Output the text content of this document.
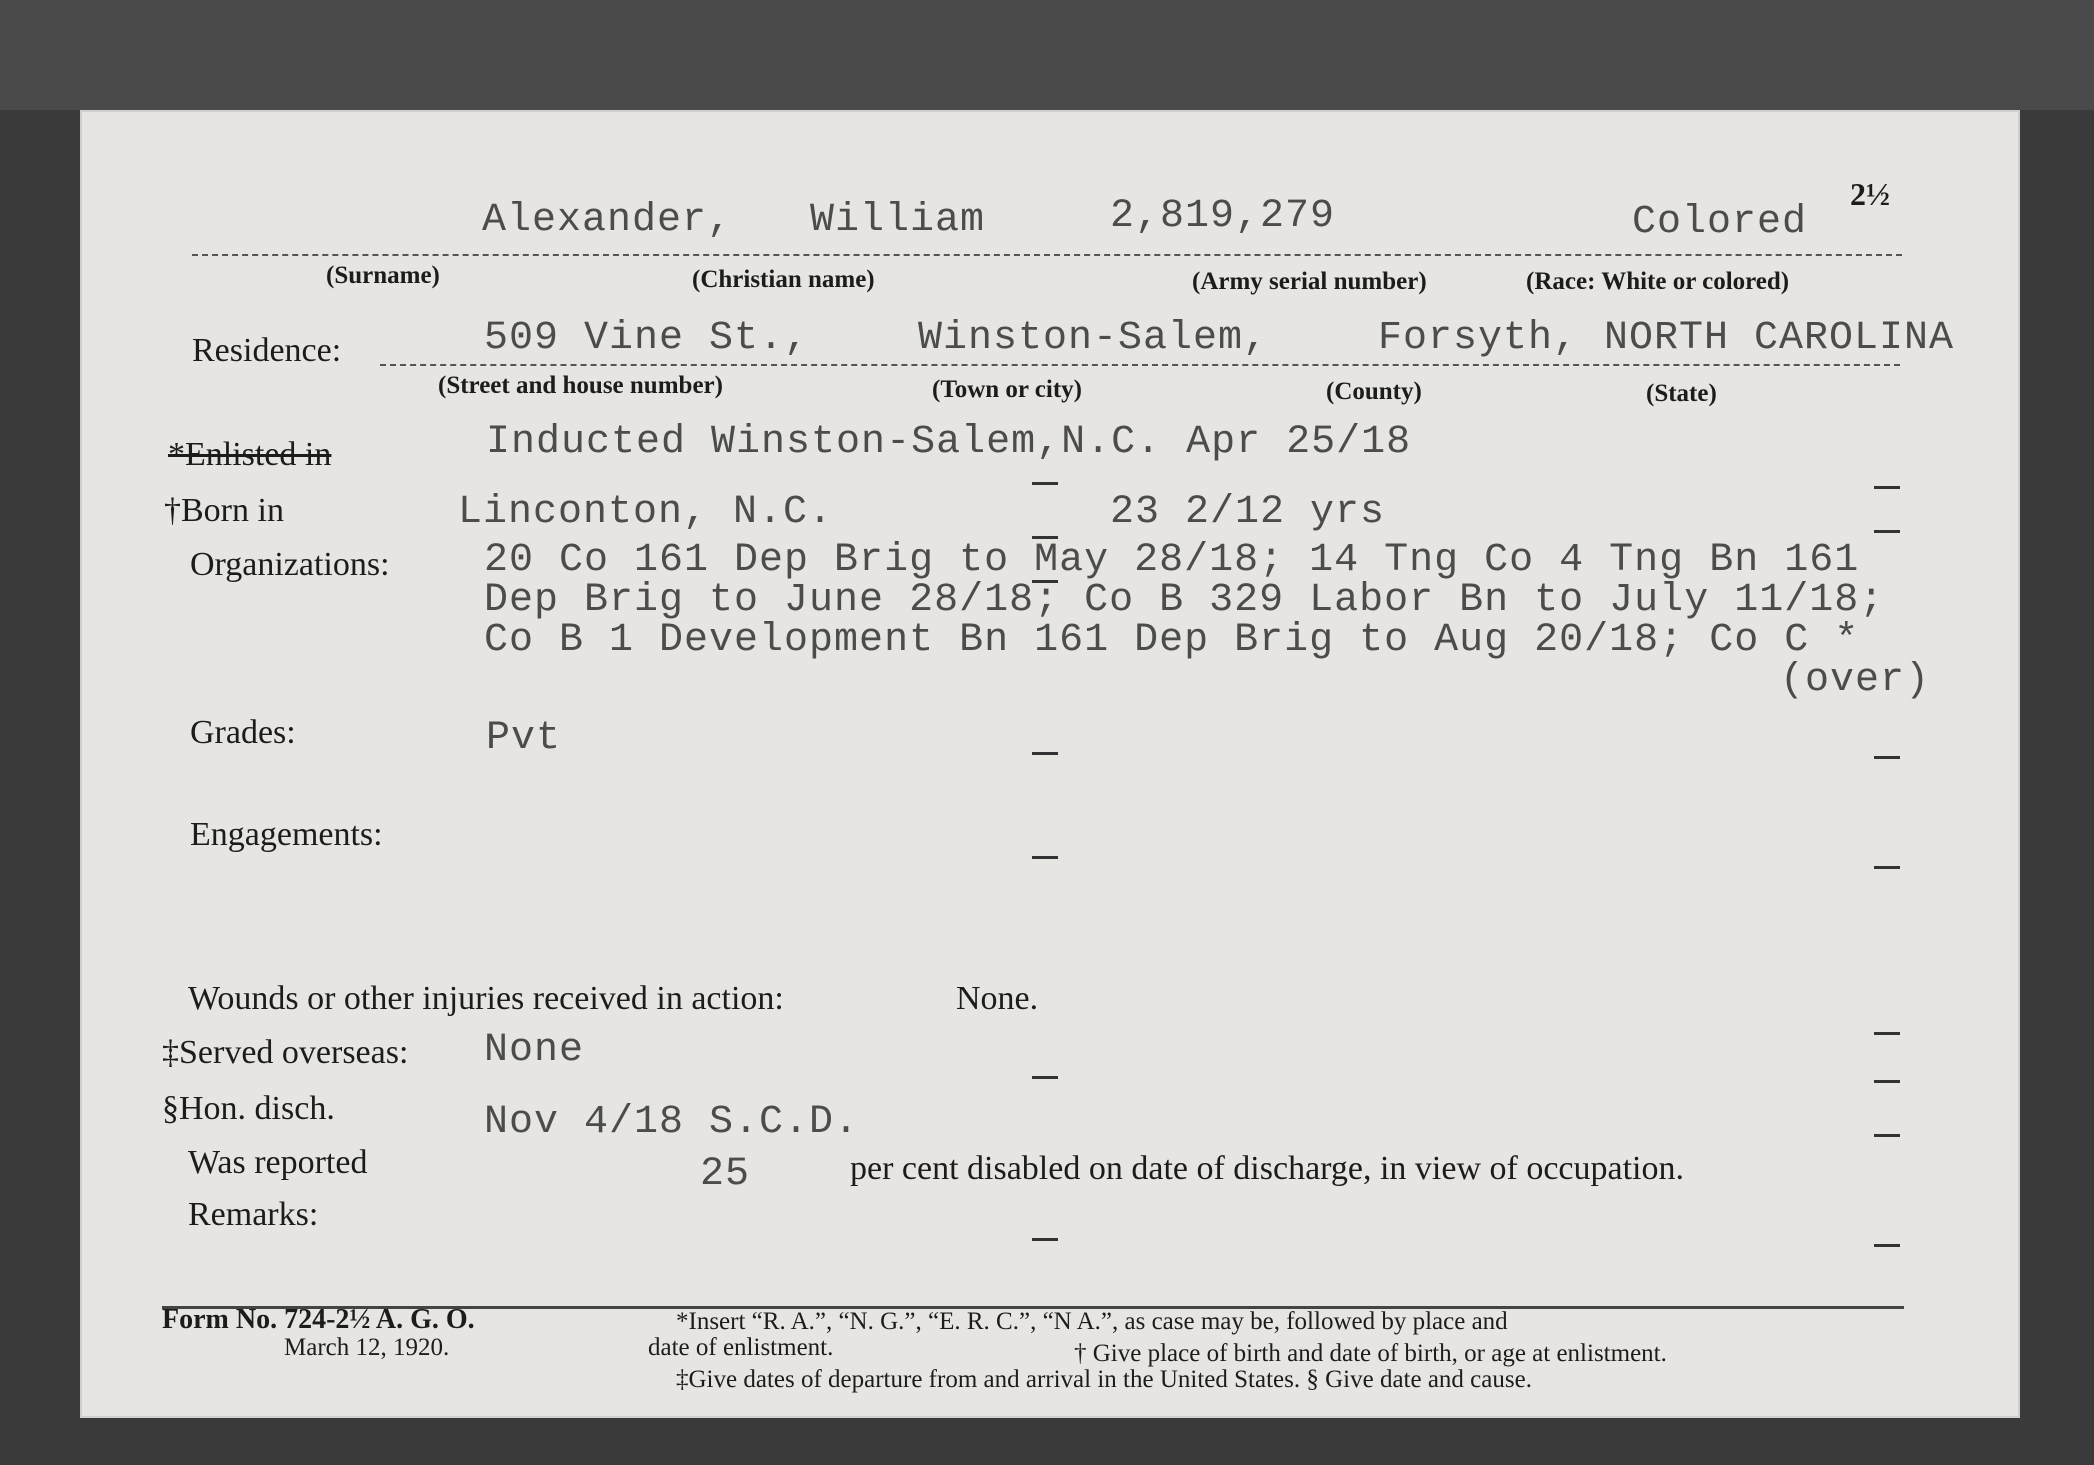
Alexander, William	2,819,279	Colored
2½
(Surname)	(Christian name)	(Army serial number)	(Race: White or colored)
Residence:	509 Vine St.,	Winston-Salem,	Forsyth, NORTH CAROLINA
(Street and house number)	(Town or city)	(County)	(State)
*Enlisted in	Inducted Winston-Salem,N.C. Apr 25/18
†Born in	Linconton, N.C.	23 2/12 yrs
Organizations: 20 Co 161 Dep Brig to May 28/18; 14 Tng Co 4 Tng Bn 161
Dep Brig to June 28/18; Co B 329 Labor Bn to July 11/18;
Co B 1 Development Bn 161 Dep Brig to Aug 20/18; Co C *
(over)
Grades:	Pvt
Engagements:
Wounds or other injuries received in action:	None.
‡Served overseas: None
§Hon. disch.	Nov 4/18 S.C.D.
Was reported	25	per cent disabled on date of discharge, in view of occupation.
Remarks:
Form No. 724-2½ A. G. O.
March 12, 1920.
*Insert “R. A.”, “N. G.”, “E. R. C.”, “N A.”, as case may be, followed by place and
date of enlistment.	† Give place of birth and date of birth, or age at enlistment.
‡Give dates of departure from and arrival in the United States. § Give date and cause.
